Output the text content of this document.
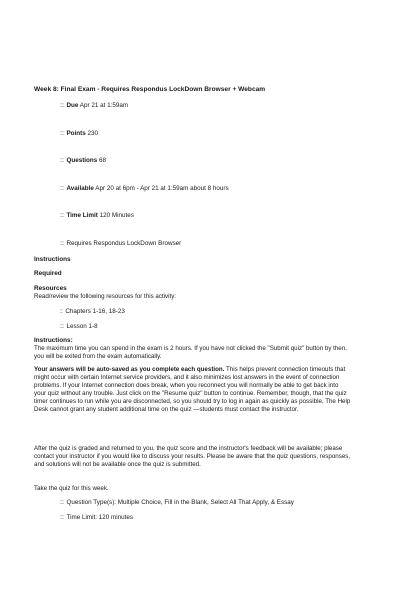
Week 8: Final Exam - Requires Respondus LockDown Browser + Webcam
::: Due Apr 21 at 1:59am
::: Points 230
::: Questions 68
::: Available Apr 20 at 6pm - Apr 21 at 1:59am about 8 hours
::: Time Limit 120 Minutes
::: Requires Respondus LockDown Browser
Instructions
Required
Resources
Read/review the following resources for this activity:
:: Chapters 1-16, 18-23
::: Lesson 1-8
Instructions:
The maximum time you can spend in the exam is 2 hours. If you have not clicked the "Submit quiz" button by then, you will be exited from the exam automatically.
Your answers will be auto-saved as you complete each question. This helps prevent connection timeouts that might occur with certain Internet service providers, and it also minimizes lost answers in the event of connection problems. If your Internet connection does break, when you reconnect you will normally be able to get back into your quiz without any trouble. Just click on the "Resume quiz" button to continue. Remember, though, that the quiz timer continues to run while you are disconnected, so you should try to log in again as quickly as possible. The Help Desk cannot grant any student additional time on the quiz —students must contact the instructor.
After the quiz is graded and returned to you, the quiz score and the instructor's feedback will be available; please contact your instructor if you would like to discuss your results. Please be aware that the quiz questions, responses, and solutions will not be available once the quiz is submitted.
Take the quiz for this week.
::: Question Type(s): Multiple Choice, Fill in the Blank, Select All That Apply, & Essay
::: Time Limit: 120 minutes
